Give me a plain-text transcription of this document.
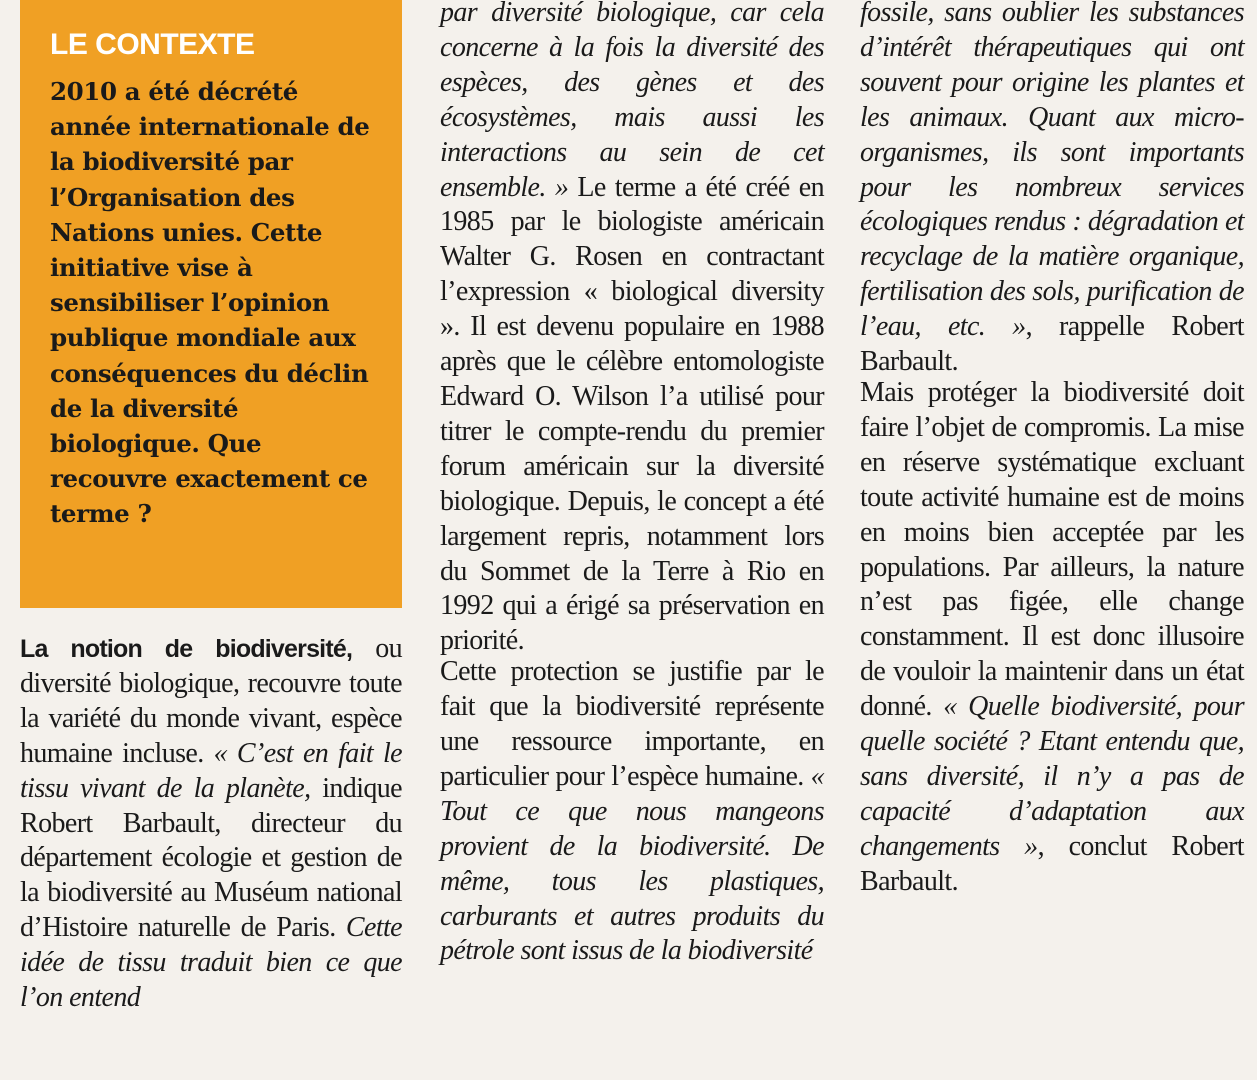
LE CONTEXTE

2010 a été décrété année internationale de la biodiversité par l’Organisation des Nations unies. Cette initiative vise à sensibiliser l’opinion publique mondiale aux conséquences du déclin de la diversité biologique. Que recouvre exactement ce terme ?

La notion de biodiversité, ou diversité biologique, recouvre toute la variété du monde vivant, espèce humaine incluse. « C’est en fait le tissu vivant de la planète, indique Robert Barbault, directeur du département écologie et gestion de la biodiversité au Muséum national d’Histoire naturelle de Paris. Cette idée de tissu traduit bien ce que l’on entend

par diversité biologique, car cela concerne à la fois la diversité des espèces, des gènes et des écosystèmes, mais aussi les interactions au sein de cet ensemble. » Le terme a été créé en 1985 par le biologiste américain Walter G. Rosen en contractant l’expression « biological diversity ». Il est devenu populaire en 1988 après que le célèbre entomologiste Edward O. Wilson l’a utilisé pour titrer le compte-rendu du premier forum américain sur la diversité biologique. Depuis, le concept a été largement repris, notamment lors du Sommet de la Terre à Rio en 1992 qui a érigé sa préservation en priorité.

Cette protection se justifie par le fait que la biodiversité représente une ressource importante, en particulier pour l’espèce humaine. « Tout ce que nous mangeons provient de la biodiversité. De même, tous les plastiques, carburants et autres produits du pétrole sont issus de la biodiversité

fossile, sans oublier les substances d’intérêt thérapeutiques qui ont souvent pour origine les plantes et les animaux. Quant aux micro-organismes, ils sont importants pour les nombreux services écologiques rendus : dégradation et recyclage de la matière organique, fertilisation des sols, purification de l’eau, etc. », rappelle Robert Barbault.

Mais protéger la biodiversité doit faire l’objet de compromis. La mise en réserve systématique excluant toute activité humaine est de moins en moins bien acceptée par les populations. Par ailleurs, la nature n’est pas figée, elle change constamment. Il est donc illusoire de vouloir la maintenir dans un état donné. « Quelle biodiversité, pour quelle société ? Etant entendu que, sans diversité, il n’y a pas de capacité d’adaptation aux changements », conclut Robert Barbault.
